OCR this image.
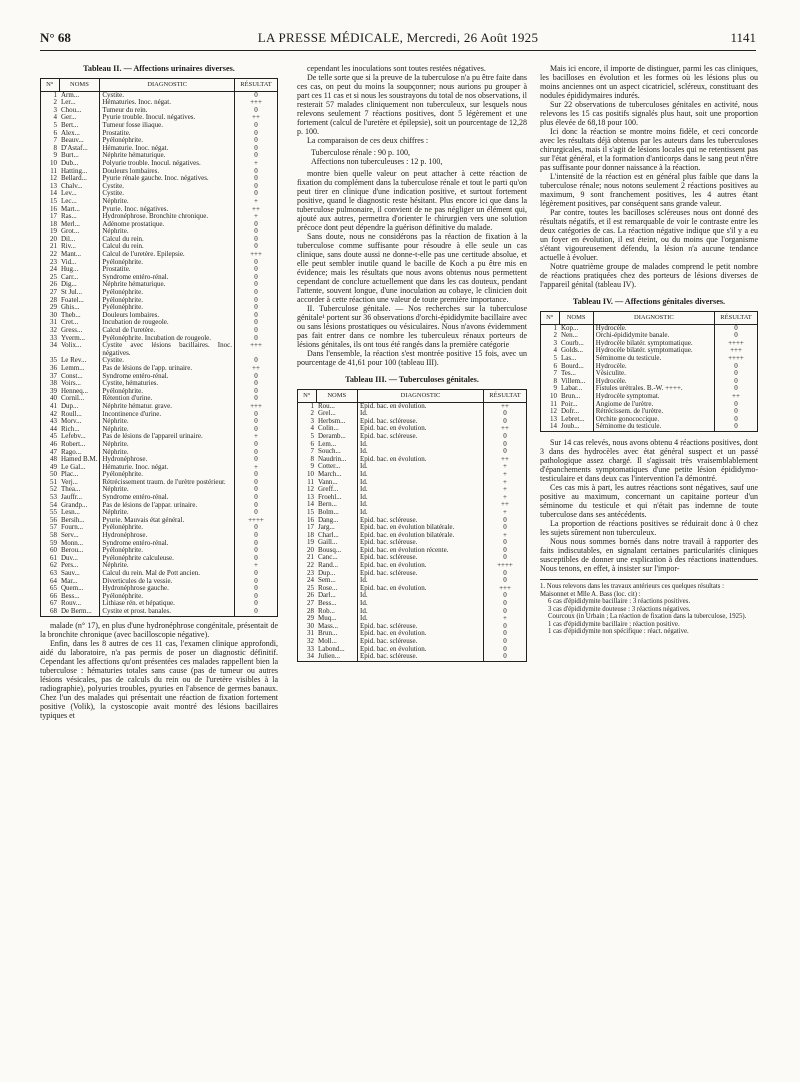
N° 68	LA PRESSE MÉDICALE, Mercredi, 26 Août 1925	1141
Tableau II. — Affections urinaires diverses.
N°	NOMS	DIAGNOSTIC	RÉSULTAT
1	Arm...	Cystite.	0
2	Ler...	Hématuries. Inoc. négat.	+++
3	Chou...	Tumeur du rein.	0
4	Ger...	Pyurie trouble. Inocul. négatives.	++
5	Bert...	Tumeur fosse iliaque.	0
6	Alex...	Prostatite.	0
7	Beauv...	Pyélonéphrite.	0
8	D'Astaf...	Hématurie. Inoc. négat.	0
9	Burt...	Néphrite hématurique.	0
10	Dub...	Polyurie trouble. Inocul. négatives.	+
11	Hatting...	Douleurs lombaires.	0
12	Bellard...	Pyurie rénale gauche. Inoc. négatives.	0
13	Chalv...	Cystite.	0
14	Lev...	Cystite.	0
15	Lec...	Néphrite.	+
16	Mart...	Pyurie. Inoc. négatives.	++
17	Ras...	Hydronéphrose. Bronchite chronique.	+
18	Merl...	Adénome prostatique.	0
19	Grot...	Néphrite.	0
20	Dil...	Calcul du rein.	0
21	Riv...	Calcul du rein.	0
22	Mant...	Calcul de l'uretère. Epilepsie.	+++
23	Vid...	Pyélonéphrite.	0
24	Hug...	Prostatite.	0
25	Carr...	Syndrome entéro-rénal.	0
26	Dig...	Néphrite hématurique.	0
27	St Jul...	Pyélonéphrite.	0
28	Foatel...	Pyélonéphrite.	0
29	Ghis...	Pyélonéphrite.	0
30	Theb...	Douleurs lombaires.	0
31	Cret...	Incubation de rougeole.	0
32	Gress...	Calcul de l'uretère.	0
33	Yverm...	Pyélonéphrite. Incubation de rougeole.	0
34	Volix...	Cystite avec lésions bacillaires. Inoc. négatives.	+++
35	Le Rev...	Cystite.	0
36	Lemm...	Pas de lésions de l'app. urinaire.	++
37	Const...	Syndrome entéro-rénal.	0
38	Voirs...	Cystite, hématuries.	0
39	Henneq...	Pyélonéphrite.	0
40	Cornil...	Rétention d'urine.	0
41	Dup...	Néphrite hématur. grave.	+++
42	Roull...	Incontinence d'urine.	0
43	Morv...	Néphrite.	0
44	Rich...	Néphrite.	0
45	Lefebv...	Pas de lésions de l'appareil urinaire.	+
46	Robert...	Néphrite.	0
47	Rago...	Néphrite.	0
48	Hamed B.M.	Hydronéphrose.	0
49	Le Gal...	Hématurie. Inoc. négat.	+
50	Plac...	Pyélonéphrite.	0
51	Verj...	Rétrécissement traum. de l'urètre postérieur.	0
52	Thea...	Néphrite.	0
53	Jauffr...	Syndrome entéro-rénal.	0
54	Grandp...	Pas de lésions de l'appar. urinaire.	0
55	Lesn...	Néphrite.	0
56	Bersih...	Pyurie. Mauvais état général.	++++
57	Fourn...	Pyélonéphrite.	0
58	Serv...	Hydronéphrose.	0
59	Monn...	Syndrome entéro-rénal.	0
60	Berou...	Pyélonéphrite.	0
61	Duv...	Pyélonéphrite calculeuse.	0
62	Pers...	Néphrite.	+
63	Sauv...	Calcul du rein. Mal de Pott ancien.	0
64	Mar...	Diverticules de la vessie.	0
65	Quem...	Hydronéphrose gauche.	0
66	Bess...	Pyélonéphrite.	0
67	Rouv...	Lithiase rén. et hépatique.	0
68	De Berm...	Cystite et prost. banales.	0

malade (n° 17), en plus d'une hydronéphrose congénitale, présentait de la bronchite chronique (avec bacilloscopie négative).

Enfin, dans les 8 autres de ces 11 cas, l'examen clinique approfondi, aidé du laboratoire, n'a pas permis de poser un diagnostic définitif. Cependant les affections qu'ont présentées ces malades rappellent bien la tuberculose : hématuries totales sans cause (pas de tumeur ou autres lésions vésicales, pas de calculs du rein ou de l'uretère visibles à la radiographie), polyuries troubles, pyuries en l'absence de germes banaux. Chez l'un des malades qui présentait une réaction de fixation fortement positive (Volik), la cystoscopie avait montré des lésions bacillaires typiques et

cependant les inoculations sont toutes restées négatives.

De telle sorte que si la preuve de la tuberculose n'a pu être faite dans ces cas, on peut du moins la soupçonner; nous aurions pu grouper à part ces 11 cas et si nous les soustrayons du total de nos observations, il resterait 57 malades cliniquement non tuberculeux, sur lesquels nous relevons seulement 7 réactions positives, dont 5 légèrement et une fortement (calcul de l'uretère et épilepsie), soit un pourcentage de 12,28 p. 100.

La comparaison de ces deux chiffres :

Tuberculose rénale : 90 p. 100,

Affections non tuberculeuses : 12 p. 100,

montre bien quelle valeur on peut attacher à cette réaction de fixation du complément dans la tuberculose rénale et tout le parti qu'on peut tirer en clinique d'une indication positive, et surtout fortement positive, quand le diagnostic reste hésitant. Plus encore ici que dans la tuberculose pulmonaire, il convient de ne pas négliger un élément qui, ajouté aux autres, permettra d'orienter le chirurgien vers une solution précoce dont peut dépendre la guérison définitive du malade.

Sans doute, nous ne considérons pas la réaction de fixation à la tuberculose comme suffisante pour résoudre à elle seule un cas clinique, sans doute aussi ne donne-t-elle pas une certitude absolue, et elle peut sembler inutile quand le bacille de Koch a pu être mis en évidence; mais les résultats que nous avons obtenus nous permettent cependant de conclure actuellement que dans les cas douteux, pendant l'attente, souvent longue, d'une inoculation au cobaye, le clinicien doit accorder à cette réaction une valeur de toute première importance.

II. Tuberculose génitale. — Nos recherches sur la tuberculose génitale¹ portent sur 36 observations d'orchi-épididymite bacillaire avec ou sans lésions prostatiques ou vésiculaires. Nous n'avons évidemment pas fait entrer dans ce nombre les tuberculeux rénaux porteurs de lésions génitales, ils ont tous été rangés dans la première catégorie

Dans l'ensemble, la réaction s'est montrée positive 15 fois, avec un pourcentage de 41,61 pour 100 (tableau III).

Tableau III. — Tuberculoses génitales.
N°	NOMS	DIAGNOSTIC	RÉSULTAT
1	Rou...	Epid. bac. en évolution.	++
2	Grel...	Id.	0
3	Herbsm...	Epid. bac. scléreuse.	0
4	Colin...	Epid. bac. en évolution.	++
5	Deramb...	Epid. bac. scléreuse.	0
6	Lem...	Id.	0
7	Souch...	Id.	0
8	Naudrin...	Epid. bac. en évolution.	++
9	Cotter...	Id.	+
10	March...	Id.	+
11	Vann...	Id.	+
12	Greff...	Id.	+
13	Froehl...	Id.	+
14	Bern...	Id.	++
15	Bolm...	Id.	+
16	Dang...	Epid. bac. scléreuse.	0
17	Jarg...	Epid. bac. en évolution bilatérale.	0
18	Charl...	Epid. bac. en évolution bilatérale.	+
19	Gaill...	Epid. bac. scléreuse.	0
20	Bousq...	Epid. bac. en évolution récente.	0
21	Canc...	Epid. bac. scléreuse.	0
22	Rand...	Epid. bac. en évolution.	++++
23	Dup...	Epid. bac. scléreuse.	0
24	Sem...	Id.	0
25	Rose...	Epid. bac. en évolution.	+++
26	Darl...	Id.	0
27	Bess...	Id.	0
28	Rob...	Id.	0
29	Muq...	Id.	+
30	Mass...	Epid. bac. scléreuse.	0
31	Brun...	Epid. bac. en évolution.	0
32	Moll...	Epid. bac. scléreuse.	0
33	Labond...	Epid. bac. en évolution.	0
34	Julien...	Epid. bac. scléreuse.	0

Mais ici encore, il importe de distinguer, parmi les cas cliniques, les bacilloses en évolution et les formes où les lésions plus ou moins anciennes ont un aspect cicatriciel, scléreux, constituant des nodules épididymaires indurés.

Sur 22 observations de tuberculoses génitales en activité, nous relevons les 15 cas positifs signalés plus haut, soit une proportion plus élevée de 68,18 pour 100.

Ici donc la réaction se montre moins fidèle, et ceci concorde avec les résultats déjà obtenus par les auteurs dans les tuberculoses chirurgicales, mais il s'agit de lésions locales qui ne retentissent pas sur l'état général, et la formation d'anticorps dans le sang peut n'être pas suffisante pour donner naissance à la réaction.

L'intensité de la réaction est en général plus faible que dans la tuberculose rénale; nous notons seulement 2 réactions positives au maximum, 9 sont franchement positives, les 4 autres étant légèrement positives, par conséquent sans grande valeur.

Par contre, toutes les bacilloses scléreuses nous ont donné des résultats négatifs, et il est remarquable de voir le contraste entre les deux catégories de cas. La réaction négative indique que s'il y a eu un foyer en évolution, il est éteint, ou du moins que l'organisme s'étant vigoureusement défendu, la lésion n'a aucune tendance actuelle à évoluer.

Notre quatrième groupe de malades comprend le petit nombre de réactions pratiquées chez des porteurs de lésions diverses de l'appareil génital (tableau IV).

Tableau IV. — Affections génitales diverses.
N°	NOMS	DIAGNOSTIC	RÉSULTAT
1	Kop...	Hydrocèle.	0
2	Nen...	Orchi-épididymite banale.	0
3	Courb...	Hydrocèle bilatér. symptomatique.	++++
4	Golds...	Hydrocèle bilatér. symptomatique.	+++
5	Las...	Séminome du testicule.	++++
6	Bourd...	Hydrocèle.	0
7	Tes...	Vésiculite.	0
8	Villem...	Hydrocèle.	0
9	Labar...	Fistules urétrales. B.-W. ++++.	0
10	Brun...	Hydrocèle symptomat.	++
11	Poir...	Angiome de l'urètre.	0
12	Dofr...	Rétrécissem. de l'urètre.	0
13	Lebret...	Orchite gonococcique.	0
14	Joub...	Séminome du testicule.	0

Sur 14 cas relevés, nous avons obtenu 4 réactions positives, dont 3 dans des hydrocèles avec état général suspect et un passé pathologique assez chargé. Il s'agissait très vraisemblablement d'épanchements symptomatiques d'une petite lésion épididymo-testiculaire et dans deux cas l'intervention l'a démontré.

Ces cas mis à part, les autres réactions sont négatives, sauf une positive au maximum, concernant un capitaine porteur d'un séminome du testicule et qui n'était pas indemne de toute tuberculose dans ses antécédents.

La proportion de réactions positives se réduirait donc à 0 chez les sujets sûrement non tuberculeux.

Nous nous sommes bornés dans notre travail à rapporter des faits indiscutables, en signalant certaines particularités cliniques susceptibles de donner une explication à des réactions inattendues. Nous tenons, en effet, à insister sur l'impor-

1. Nous relevons dans les travaux antérieurs ces quelques résultats :
Maisonnet et Mlle A. Bass (loc. cit) :
6 cas d'épididymite bacillaire : 3 réactions positives.
3 cas d'épididymite douteuse : 3 réactions négatives.
Courcoux (in Urbain ; La réaction de fixation dans la tuberculose, 1925).
1 cas d'épididymite bacillaire : réaction positive.
1 cas d'épididymite non spécifique : réact. négative.
